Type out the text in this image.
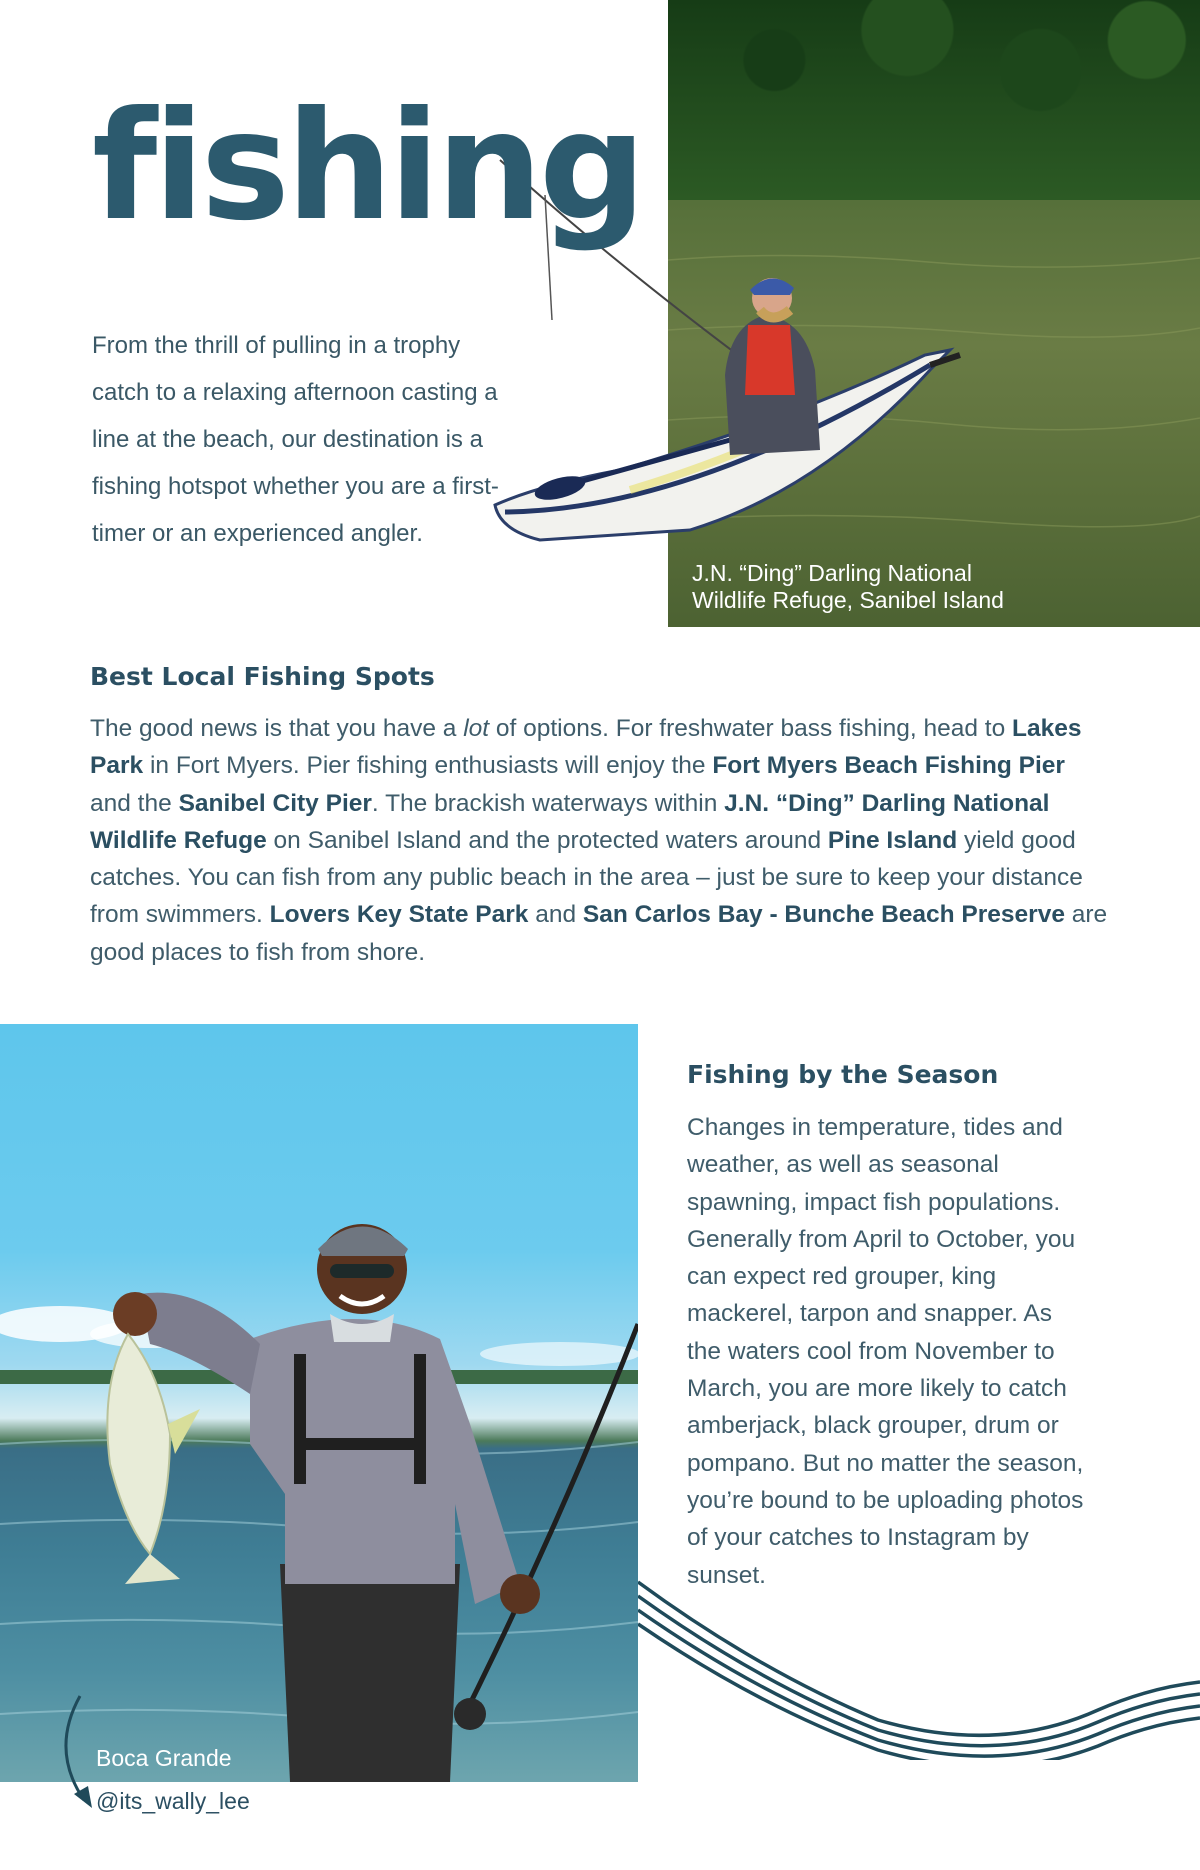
fishing

From the thrill of pulling in a trophy catch to a relaxing afternoon casting a line at the beach, our destination is a fishing hotspot whether you are a first-timer or an experienced angler.

J.N. “Ding” Darling National
Wildlife Refuge, Sanibel Island
Best Local Fishing Spots

The good news is that you have a lot of options. For freshwater bass fishing, head to Lakes Park in Fort Myers. Pier fishing enthusiasts will enjoy the Fort Myers Beach Fishing Pier and the Sanibel City Pier. The brackish waterways within J.N. “Ding” Darling National Wildlife Refuge on Sanibel Island and the protected waters around Pine Island yield good catches. You can fish from any public beach in the area – just be sure to keep your distance from swimmers. Lovers Key State Park and San Carlos Bay - Bunche Beach Preserve are good places to fish from shore.

Boca Grande
@its_wally_lee
Fishing by the Season

Changes in temperature, tides and weather, as well as seasonal spawning, impact fish populations. Generally from April to October, you can expect red grouper, king mackerel, tarpon and snapper. As the waters cool from November to March, you are more likely to catch amberjack, black grouper, drum or pompano. But no matter the season, you’re bound to be uploading photos of your catches to Instagram by sunset.
